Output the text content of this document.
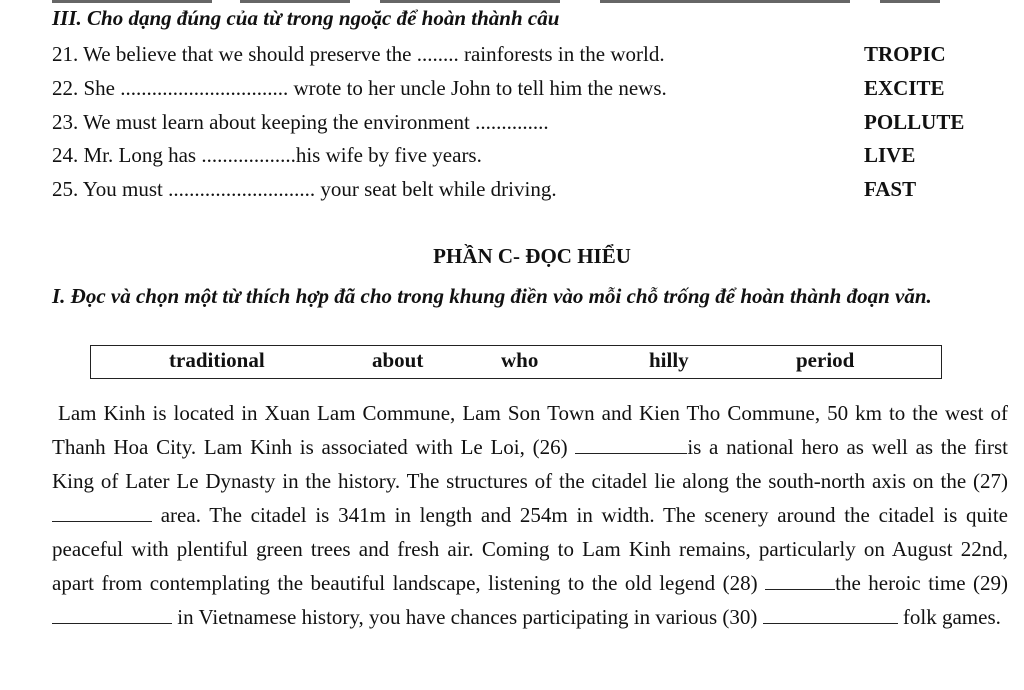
III. Cho dạng đúng của từ trong ngoặc để hoàn thành câu
21. We believe that we should preserve the ........ rainforests in the world.	TROPIC
22. She ................................ wrote to her uncle John to tell him the news.	EXCITE
23. We must learn about keeping the environment ..............	POLLUTE
24. Mr. Long has ..................his wife by five years.	LIVE
25. You must ............................ your seat belt while driving.	FAST
PHẦN C- ĐỌC HIỂU
I. Đọc và chọn một từ thích hợp đã cho trong khung điền vào mỗi chỗ trống để hoàn thành đoạn văn.
traditional	about	who	hilly	period
Lam Kinh is located in Xuan Lam Commune, Lam Son Town and Kien Tho Commune, 50 km to the west of Thanh Hoa City. Lam Kinh is associated with Le Loi, (26)	is a national hero as well as the first King of Later Le Dynasty in the history. The structures of the citadel lie along the south-north axis on the (27)  area. The citadel is 341m in length and 254m in width. The scenery around the citadel is quite peaceful with plentiful green trees and fresh air. Coming to Lam Kinh remains, particularly on August 22nd, apart from contemplating the beautiful landscape, listening to the old legend (28)	the heroic time (29)  in Vietnamese history, you have chances participating in various (30)	folk games.
